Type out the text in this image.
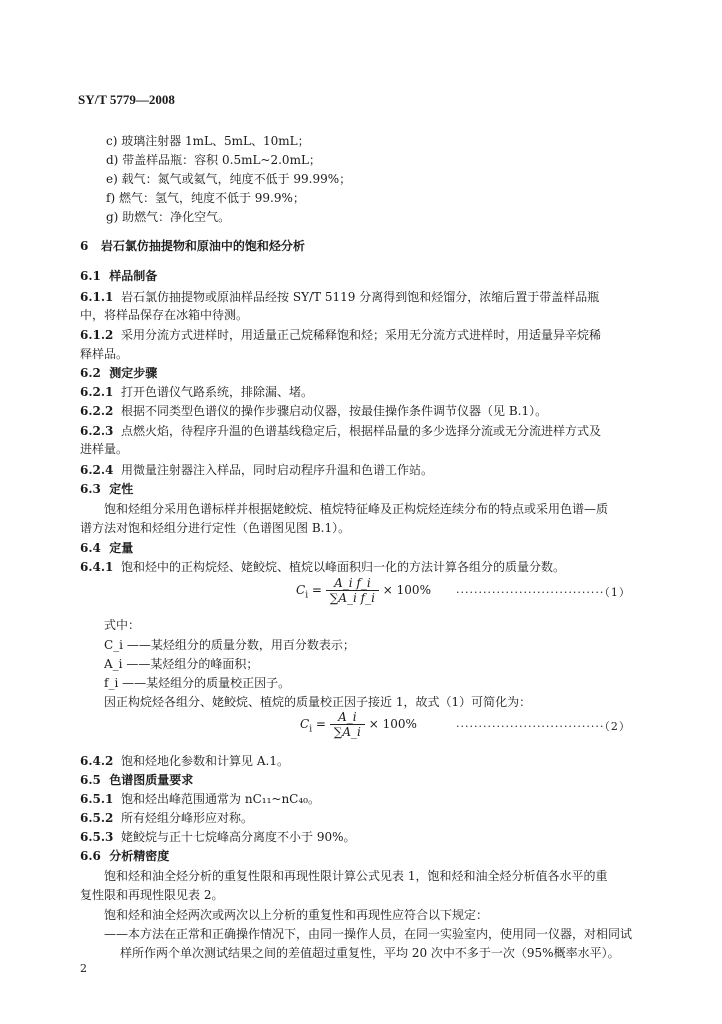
SY/T 5779—2008
c) 玻璃注射器 1mL、5mL、10mL；
d) 带盖样品瓶：容积 0.5mL~2.0mL；
e) 载气：氮气或氦气，纯度不低于 99.99%；
f) 燃气：氢气，纯度不低于 99.9%；
g) 助燃气：净化空气。
6 岩石氯仿抽提物和原油中的饱和烃分析
6.1 样品制备
6.1.1 岩石氯仿抽提物或原油样品经按 SY/T 5119 分离得到饱和烃馏分，浓缩后置于带盖样品瓶
中，将样品保存在冰箱中待测。
6.1.2 采用分流方式进样时，用适量正己烷稀释饱和烃；采用无分流方式进样时，用适量异辛烷稀
释样品。
6.2 测定步骤
6.2.1 打开色谱仪气路系统，排除漏、堵。
6.2.2 根据不同类型色谱仪的操作步骤启动仪器，按最佳操作条件调节仪器（见 B.1）。
6.2.3 点燃火焰，待程序升温的色谱基线稳定后，根据样品量的多少选择分流或无分流进样方式及
进样量。
6.2.4 用微量注射器注入样品，同时启动程序升温和色谱工作站。
6.3 定性
饱和烃组分采用色谱标样并根据姥鲛烷、植烷特征峰及正构烷烃连续分布的特点或采用色谱—质
谱方法对饱和烃组分进行定性（色谱图见图 B.1）。
6.4 定量
6.4.1 饱和烃中的正构烷烃、姥鲛烷、植烷以峰面积归一化的方法计算各组分的质量分数。
$C_i = \frac{\text{A\_i f\_i}}{\text{∑A\_i f\_i}} \times 100\% \cdot\cdot\cdot\cdot\cdot\cdot\cdot\cdot\cdot\cdot\cdot\cdot\cdot\cdot\cdot\cdot\cdot\cdot\cdot\cdot\cdot\cdot\cdot\cdot\cdot\cdot\cdot\cdot\cdot\cdot\cdot\cdot\cdot(1)$
式中：
C_i ——某烃组分的质量分数，用百分数表示；
A_i ——某烃组分的峰面积；
f_i ——某烃组分的质量校正因子。
因正构烷烃各组分、姥鲛烷、植烷的质量校正因子接近 1，故式（1）可简化为：
$C_i = \frac{A\_i}{\sum A\_i} \times 100\%$	·································（2）
6.4.2 饱和烃地化参数和计算见 A.1。
6.5 色谱图质量要求
6.5.1 饱和烃出峰范围通常为 nC₁₁~nC₄₀。
6.5.2 所有烃组分峰形应对称。
6.5.3 姥鲛烷与正十七烷峰高分离度不小于 90%。
6.6 分析精密度
饱和烃和油全烃分析的重复性限和再现性限计算公式见表 1，饱和烃和油全烃分析值各水平的重
复性限和再现性限见表 2。
饱和烃和油全烃两次或两次以上分析的重复性和再现性应符合以下规定：
——本方法在正常和正确操作情况下，由同一操作人员，在同一实验室内，使用同一仪器，对相同试
样所作两个单次测试结果之间的差值超过重复性，平均 20 次中不多于一次（95%概率水平）。
2
